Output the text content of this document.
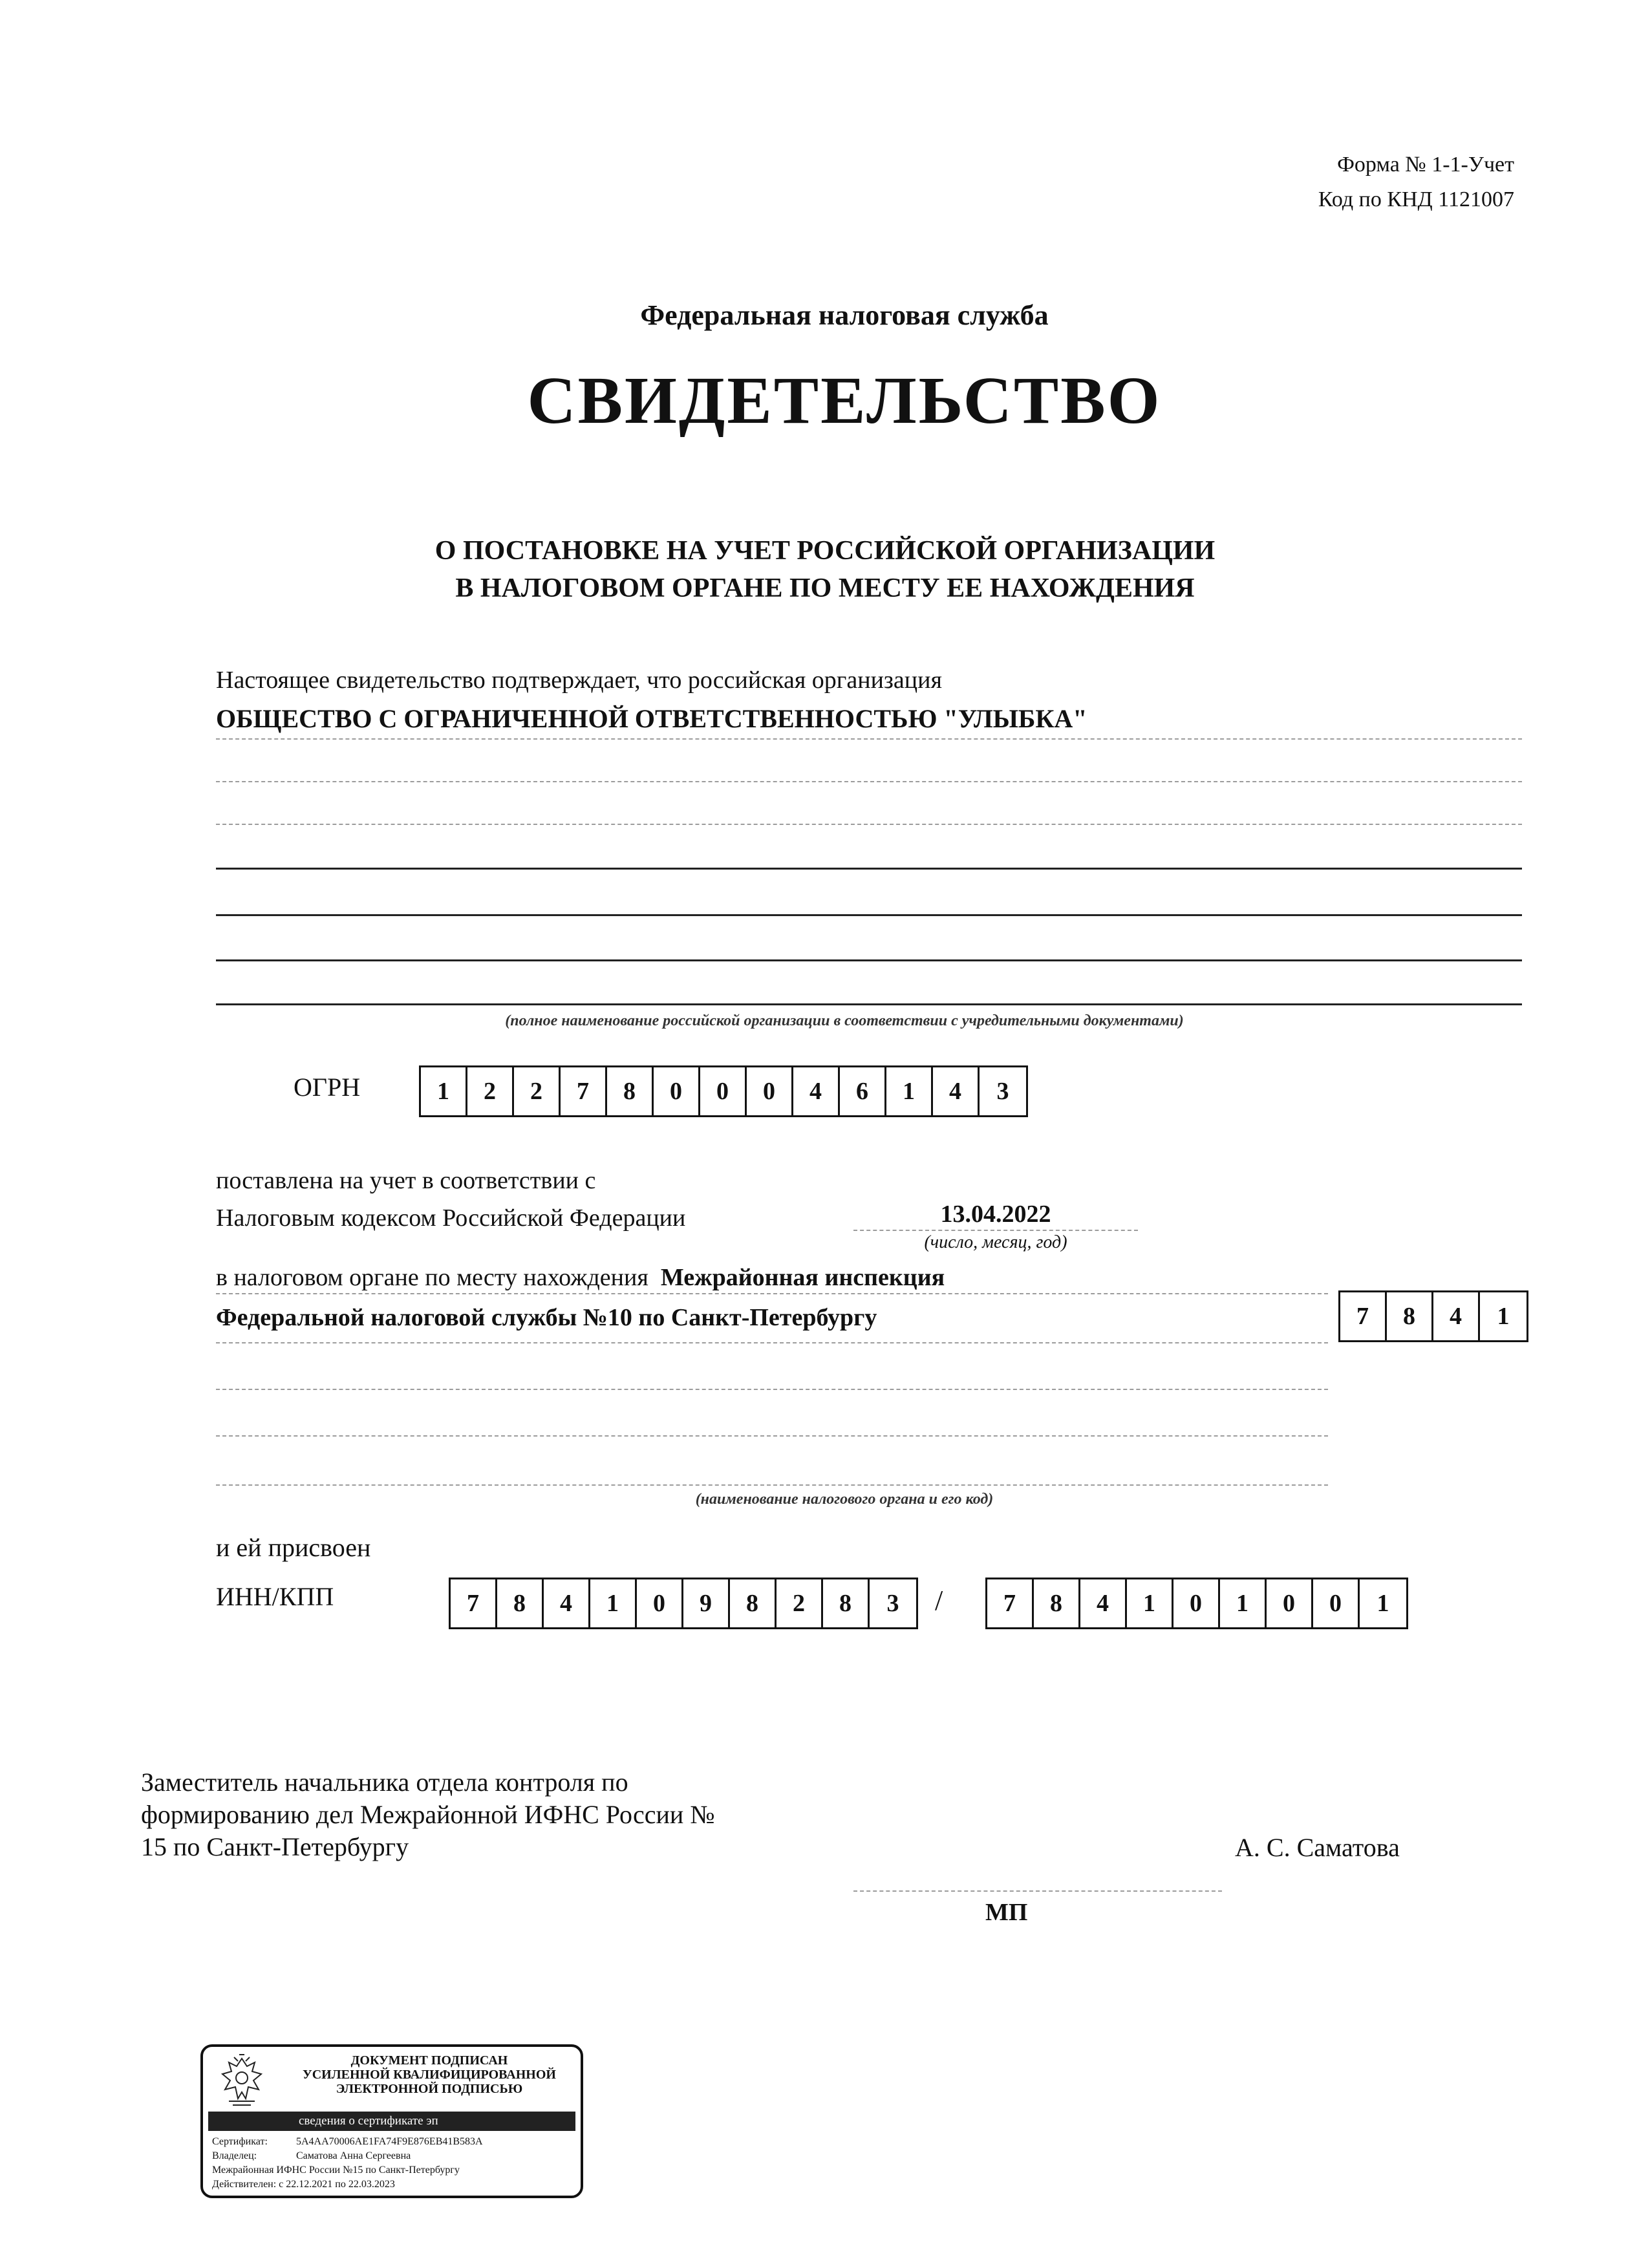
Форма № 1-1-Учет
Код по КНД 1121007
Федеральная налоговая служба
СВИДЕТЕЛЬСТВО
О ПОСТАНОВКЕ НА УЧЕТ РОССИЙСКОЙ ОРГАНИЗАЦИИ
В НАЛОГОВОМ ОРГАНЕ ПО МЕСТУ ЕЕ НАХОЖДЕНИЯ
Настоящее свидетельство подтверждает, что российская организация
ОБЩЕСТВО С ОГРАНИЧЕННОЙ ОТВЕТСТВЕННОСТЬЮ "УЛЫБКА"
(полное наименование российской организации в соответствии с учредительными документами)
ОГРН	1	2	2	7	8	0	0	0	4	6	1	4	3
поставлена на учет в соответствии с
Налоговым кодексом Российской Федерации	13.04.2022
(число, месяц, год)
в налоговом органе по месту нахождения Межрайонная инспекция
Федеральной налоговой службы №10 по Санкт-Петербургу	7	8	4	1
(наименование налогового органа и его код)
и ей присвоен
ИНН/КПП	7	8	4	1	0	9	8	2	8	3	/	7	8	4	1	0	1	0	0	1
Заместитель начальника отдела контроля по
формированию дел Межрайонной ИФНС России №
15 по Санкт-Петербургу	А. С. Саматова
МП
ДОКУМЕНТ ПОДПИСАН
УСИЛЕННОЙ КВАЛИФИЦИРОВАННОЙ
ЭЛЕКТРОННОЙ ПОДПИСЬЮ
сведения о сертификате эп
Сертификат:	5A4AA70006AE1FA74F9E876EB41B583A
Владелец:	Саматова Анна Сергеевна
Межрайонная ИФНС России №15 по Санкт-Петербургу
Действителен: с 22.12.2021 по 22.03.2023
